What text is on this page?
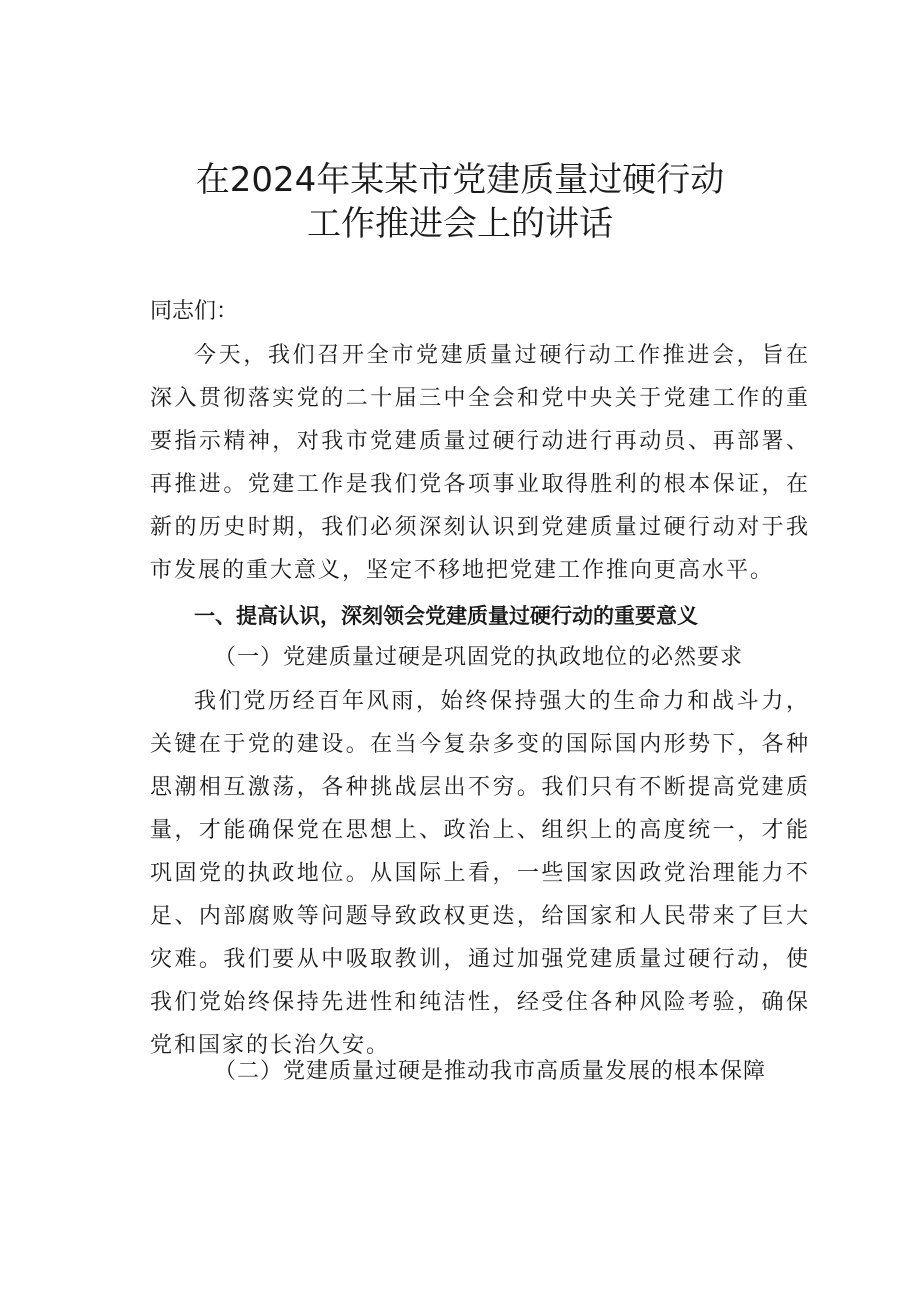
在2024年某某市党建质量过硬行动
工作推进会上的讲话
同志们：
今天，我们召开全市党建质量过硬行动工作推进会，旨在深入贯彻落实党的二十届三中全会和党中央关于党建工作的重要指示精神，对我市党建质量过硬行动进行再动员、再部署、再推进。党建工作是我们党各项事业取得胜利的根本保证，在新的历史时期，我们必须深刻认识到党建质量过硬行动对于我市发展的重大意义，坚定不移地把党建工作推向更高水平。
一、提高认识，深刻领会党建质量过硬行动的重要意义
（一）党建质量过硬是巩固党的执政地位的必然要求
我们党历经百年风雨，始终保持强大的生命力和战斗力，关键在于党的建设。在当今复杂多变的国际国内形势下，各种思潮相互激荡，各种挑战层出不穷。我们只有不断提高党建质量，才能确保党在思想上、政治上、组织上的高度统一，才能巩固党的执政地位。从国际上看，一些国家因政党治理能力不足、内部腐败等问题导致政权更迭，给国家和人民带来了巨大灾难。我们要从中吸取教训，通过加强党建质量过硬行动，使我们党始终保持先进性和纯洁性，经受住各种风险考验，确保党和国家的长治久安。
（二）党建质量过硬是推动我市高质量发展的根本保障
